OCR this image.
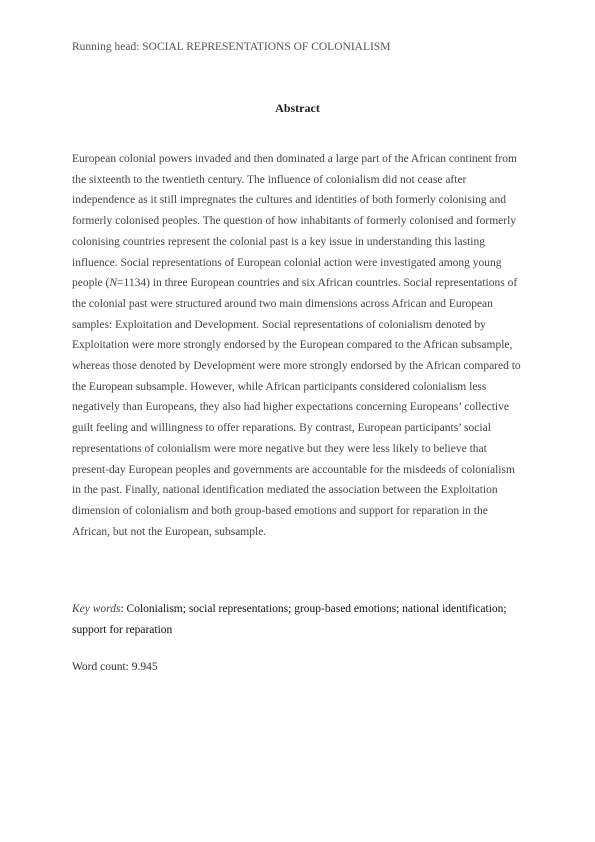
Running head: SOCIAL REPRESENTATIONS OF COLONIALISM
Abstract

European colonial powers invaded and then dominated a large part of the African continent from the sixteenth to the twentieth century. The influence of colonialism did not cease after independence as it still impregnates the cultures and identities of both formerly colonising and formerly colonised peoples. The question of how inhabitants of formerly colonised and formerly colonising countries represent the colonial past is a key issue in understanding this lasting influence. Social representations of European colonial action were investigated among young people (N=1134) in three European countries and six African countries. Social representations of the colonial past were structured around two main dimensions across African and European samples: Exploitation and Development. Social representations of colonialism denoted by Exploitation were more strongly endorsed by the European compared to the African subsample, whereas those denoted by Development were more strongly endorsed by the African compared to the European subsample. However, while African participants considered colonialism less negatively than Europeans, they also had higher expectations concerning Europeans’ collective guilt feeling and willingness to offer reparations. By contrast, European participants’ social representations of colonialism were more negative but they were less likely to believe that present-day European peoples and governments are accountable for the misdeeds of colonialism in the past. Finally, national identification mediated the association between the Exploitation dimension of colonialism and both group-based emotions and support for reparation in the African, but not the European, subsample.

Key words: Colonialism; social representations; group-based emotions; national identification; support for reparation

Word count: 9.945
